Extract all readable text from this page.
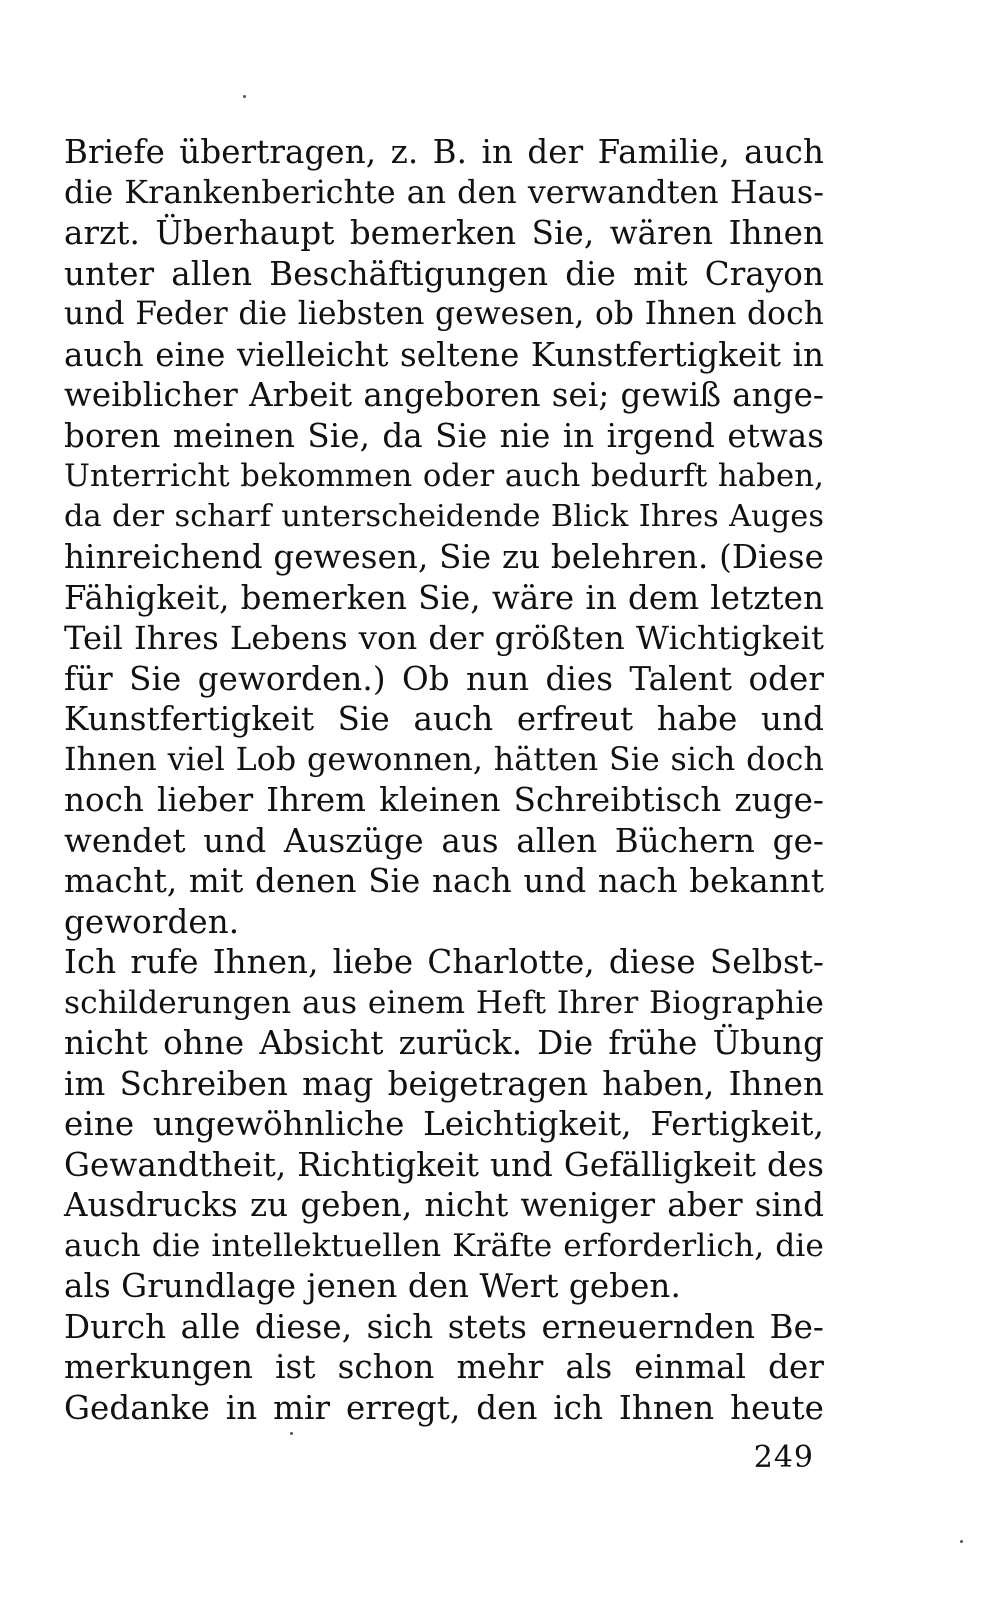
Briefe übertragen, z. B. in der Familie, auch
die Krankenberichte an den verwandten Haus-
arzt. Überhaupt bemerken Sie, wären Ihnen
unter allen Beschäftigungen die mit Crayon
und Feder die liebsten gewesen, ob Ihnen doch
auch eine vielleicht seltene Kunstfertigkeit in
weiblicher Arbeit angeboren sei; gewiß ange-
boren meinen Sie, da Sie nie in irgend etwas
Unterricht bekommen oder auch bedurft haben,
da der scharf unterscheidende Blick Ihres Auges
hinreichend gewesen, Sie zu belehren. (Diese
Fähigkeit, bemerken Sie, wäre in dem letzten
Teil Ihres Lebens von der größten Wichtigkeit
für Sie geworden.) Ob nun dies Talent oder
Kunstfertigkeit Sie auch erfreut habe und
Ihnen viel Lob gewonnen, hätten Sie sich doch
noch lieber Ihrem kleinen Schreibtisch zuge-
wendet und Auszüge aus allen Büchern ge-
macht, mit denen Sie nach und nach bekannt
geworden.
Ich rufe Ihnen, liebe Charlotte, diese Selbst-
schilderungen aus einem Heft Ihrer Biographie
nicht ohne Absicht zurück. Die frühe Übung
im Schreiben mag beigetragen haben, Ihnen
eine ungewöhnliche Leichtigkeit, Fertigkeit,
Gewandtheit, Richtigkeit und Gefälligkeit des
Ausdrucks zu geben, nicht weniger aber sind
auch die intellektuellen Kräfte erforderlich, die
als Grundlage jenen den Wert geben.
Durch alle diese, sich stets erneuernden Be-
merkungen ist schon mehr als einmal der
Gedanke in mir erregt, den ich Ihnen heute
249
